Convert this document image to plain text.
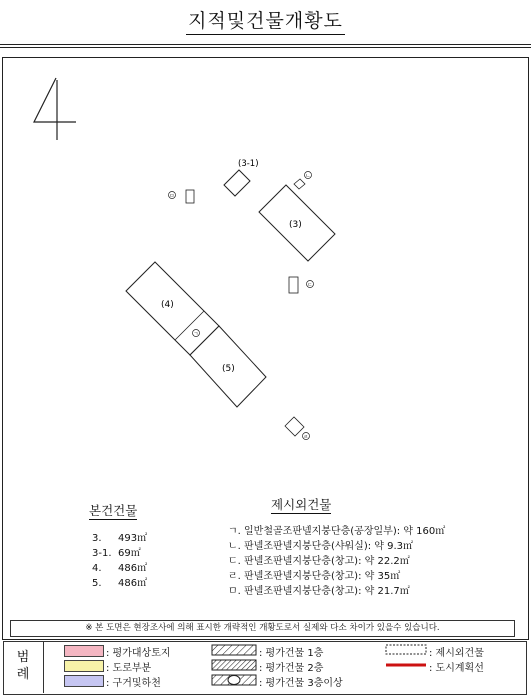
지적및건물개황도
(3-1)
ㄴ
ㅁ
(3)
ㄷ
(4)
(5)
ㄱ
ㄹ
본건건물
3. 493㎡
3-1. 69㎡
4. 486㎡
5. 486㎡
제시외건물
ㄱ. 일반철골조판넬지붕단층(공장일부): 약 160㎡
ㄴ. 판넬조판넬지붕단층(샤워실): 약 9.3㎡
ㄷ. 판넬조판넬지붕단층(창고): 약 22.2㎡
ㄹ. 판넬조판넬지붕단층(창고): 약 35㎡
ㅁ. 판넬조판넬지붕단층(창고): 약 21.7㎡
※ 본 도면은 현장조사에 의해 표시한 개략적인 개황도로서 실제와 다소 차이가 있을수 있습니다.
범
례
: 평가대상토지
: 도로부분
: 구거및하천
: 평가건물 1층
: 평가건물 2층
: 평가건물 3층이상
: 제시외건물
: 도시계획선
